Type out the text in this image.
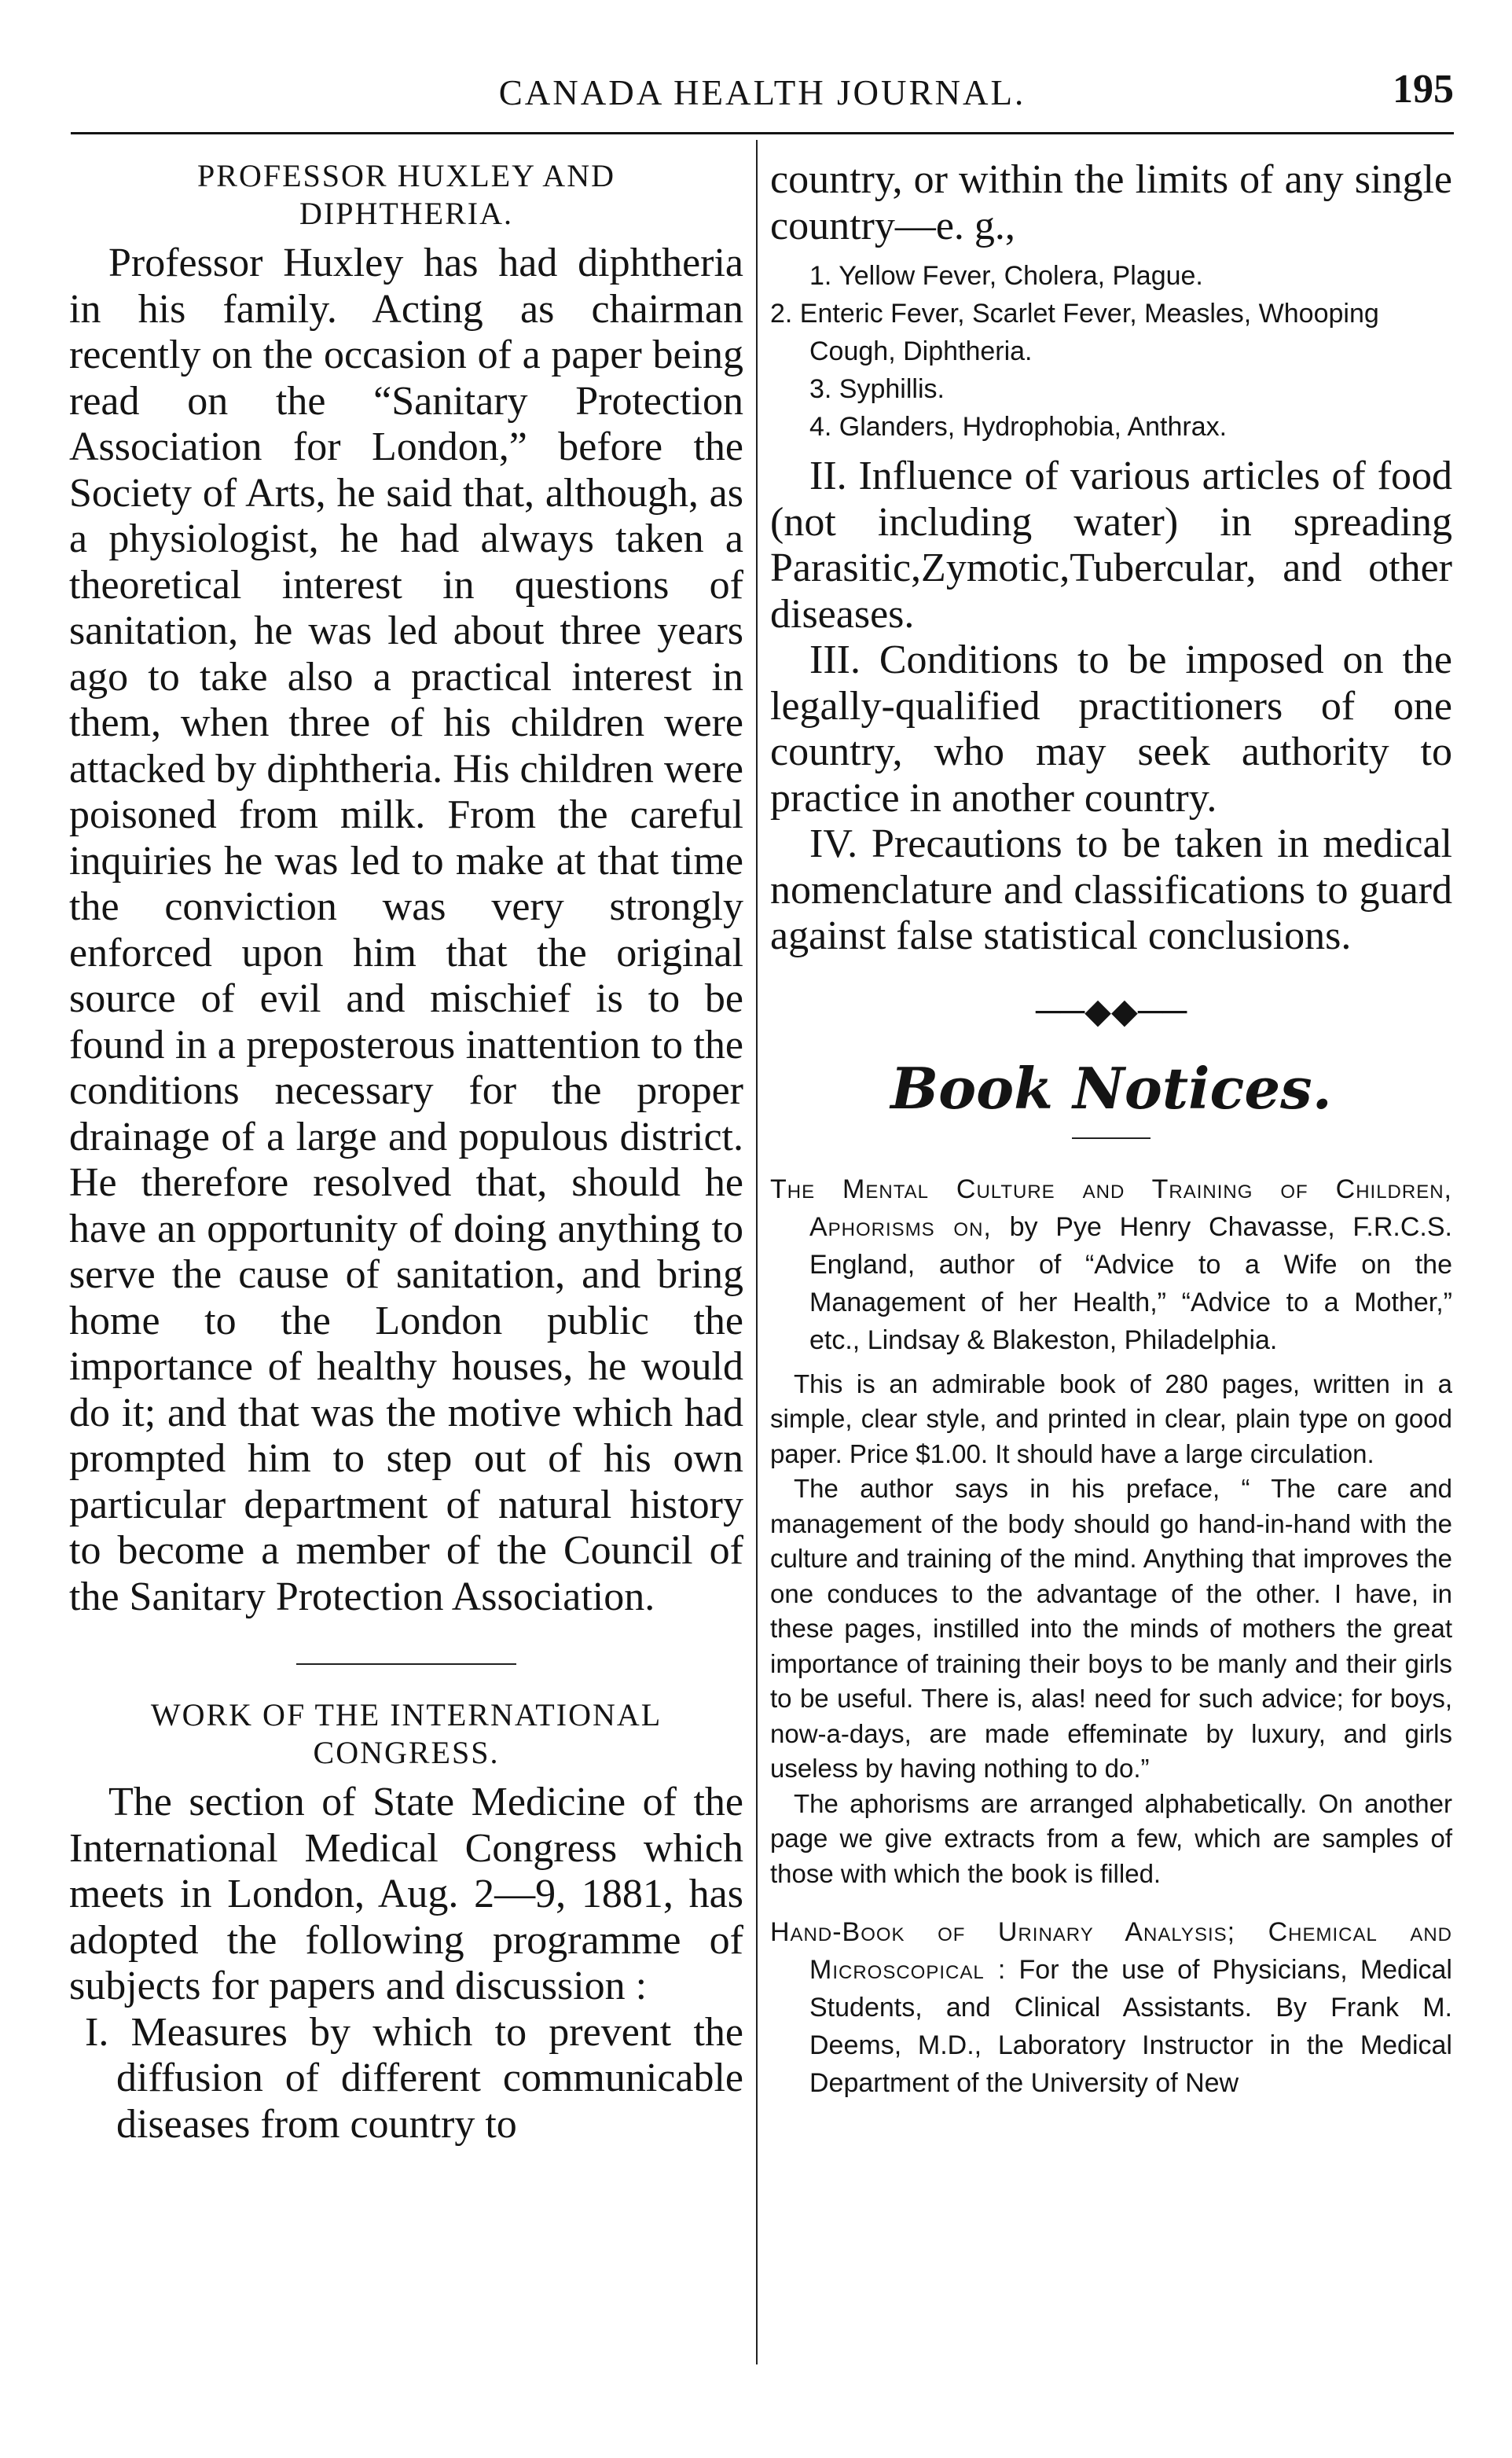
CANADA HEALTH JOURNAL.	195
PROFESSOR HUXLEY AND DIPHTHERIA.

Professor Huxley has had diphtheria in his family. Acting as chairman recently on the occasion of a paper being read on the “Sanitary Protection Association for London,” before the Society of Arts, he said that, although, as a physiologist, he had always taken a theoretical interest in questions of sanitation, he was led about three years ago to take also a practical interest in them, when three of his children were attacked by diphtheria. His children were poisoned from milk. From the careful inquiries he was led to make at that time the conviction was very strongly enforced upon him that the original source of evil and mischief is to be found in a preposterous inattention to the conditions necessary for the proper drainage of a large and populous district. He therefore resolved that, should he have an opportunity of doing anything to serve the cause of sanitation, and bring home to the London public the importance of healthy houses, he would do it; and that was the motive which had prompted him to step out of his own particular department of natural history to become a member of the Council of the Sanitary Protection Association.

WORK OF THE INTERNATIONAL CONGRESS.

The section of State Medicine of the International Medical Congress which meets in London, Aug. 2—9, 1881, has adopted the following programme of subjects for papers and discussion :

I. Measures by which to prevent the diffusion of different communicable diseases from country to

country, or within the limits of any single country—e. g.,

1. Yellow Fever, Cholera, Plague.

2. Enteric Fever, Scarlet Fever, Measles, Whooping Cough, Diphtheria.

3. Syphillis.

4. Glanders, Hydrophobia, Anthrax.

II. Influence of various articles of food (not including water) in spreading Parasitic,Zymotic,Tubercular, and other diseases.

III. Conditions to be imposed on the legally-qualified practitioners of one country, who may seek authority to practice in another country.

IV. Precautions to be taken in medical nomenclature and classifications to guard against false statistical conclusions.

──◆◆──
Book Notices.

The Mental Culture and Training of Children, Aphorisms on, by Pye Henry Chavasse, F.R.C.S. England, author of “Advice to a Wife on the Management of her Health,” “Advice to a Mother,” etc., Lindsay & Blakeston, Philadelphia.

This is an admirable book of 280 pages, written in a simple, clear style, and printed in clear, plain type on good paper. Price $1.00. It should have a large circulation.

The author says in his preface, “ The care and management of the body should go hand-in-hand with the culture and training of the mind. Anything that improves the one conduces to the advantage of the other. I have, in these pages, instilled into the minds of mothers the great importance of training their boys to be manly and their girls to be useful. There is, alas! need for such advice; for boys, now-a-days, are made effeminate by luxury, and girls useless by having nothing to do.”

The aphorisms are arranged alphabetically. On another page we give extracts from a few, which are samples of those with which the book is filled.

Hand-Book of Urinary Analysis; Chemical and Microscopical : For the use of Physicians, Medical Students, and Clinical Assistants. By Frank M. Deems, M.D., Laboratory Instructor in the Medical Department of the University of New
